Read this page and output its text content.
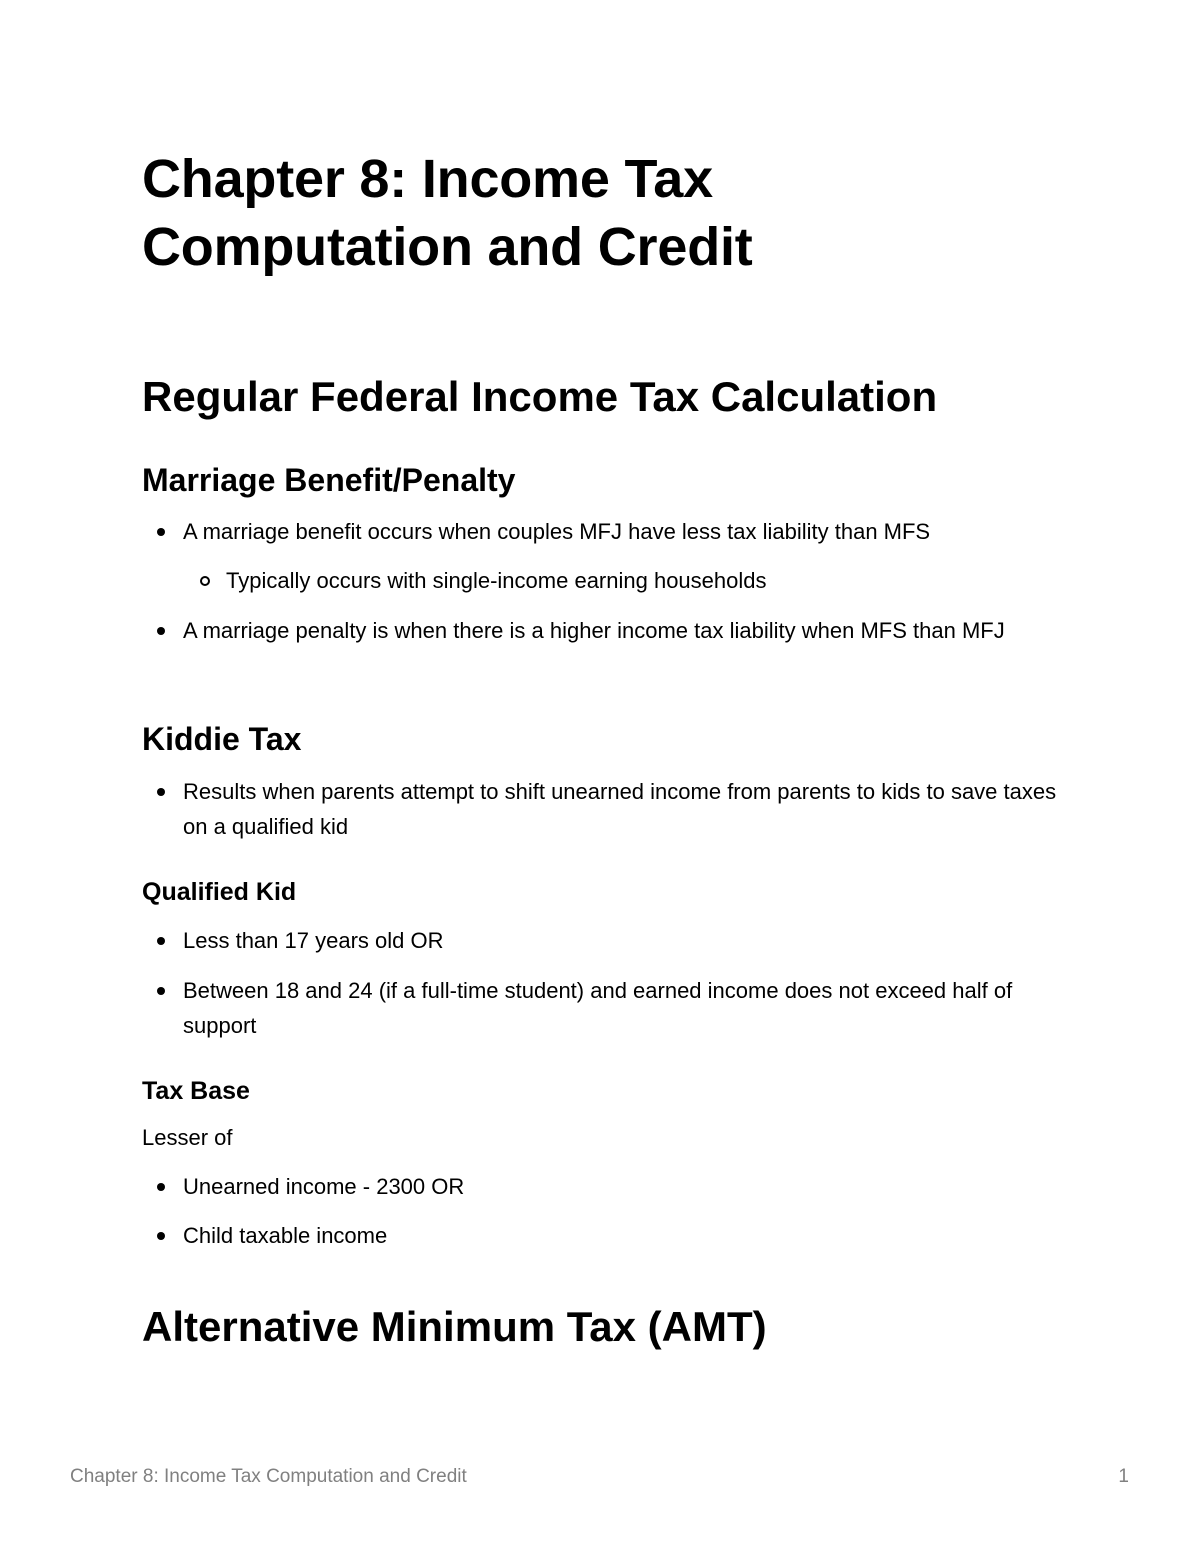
Chapter 8: Income Tax Computation and Credit
Regular Federal Income Tax Calculation
Marriage Benefit/Penalty
A marriage benefit occurs when couples MFJ have less tax liability than MFS
Typically occurs with single-income earning households
A marriage penalty is when there is a higher income tax liability when MFS than MFJ
Kiddie Tax
Results when parents attempt to shift unearned income from parents to kids to save taxes on a qualified kid
Qualified Kid
Less than 17 years old OR
Between 18 and 24 (if a full-time student) and earned income does not exceed half of support
Tax Base

Lesser of

Unearned income - 2300 OR
Child taxable income
Alternative Minimum Tax (AMT)
Chapter 8: Income Tax Computation and Credit	1
